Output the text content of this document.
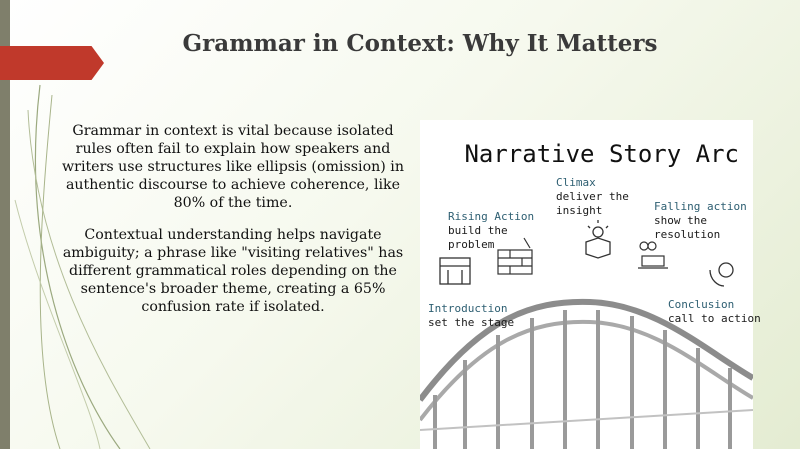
Grammar in Context: Why It Matters

Grammar in context is vital because isolated rules often fail to explain how speakers and writers use structures like ellipsis (omission) in authentic discourse to achieve coherence, like 80% of the time.

Contextual understanding helps navigate ambiguity; a phrase like "visiting relatives" has different grammatical roles depending on the sentence's broader theme, creating a 65% confusion rate if isolated.

Narrative Story Arc
Climax
deliver the
insight
Rising Action
build the
problem
Falling action
show the
resolution
Introduction
set the stage
Conclusion
call to action
